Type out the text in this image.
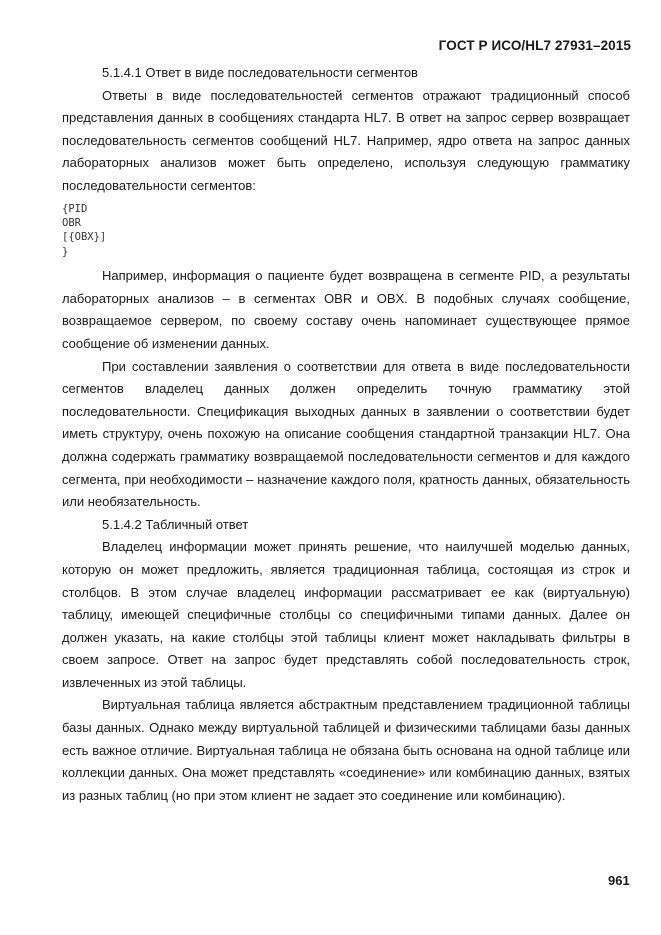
ГОСТ Р ИСО/HL7 27931–2015
5.1.4.1 Ответ в виде последовательности сегментов

Ответы в виде последовательностей сегментов отражают традиционный способ представления данных в сообщениях стандарта HL7. В ответ на запрос сервер возвращает последовательность сегментов сообщений HL7. Например, ядро ответа на запрос данных лабораторных анализов может быть определено, используя следующую грамматику последовательности сегментов:

{PID
OBR
[{OBX}]
}

Например, информация о пациенте будет возвращена в сегменте PID, а результаты лабораторных анализов – в сегментах OBR и OBX. В подобных случаях сообщение, возвращаемое сервером, по своему составу очень напоминает существующее прямое сообщение об изменении данных.

При составлении заявления о соответствии для ответа в виде последовательности сегментов владелец данных должен определить точную грамматику этой последовательности. Спецификация выходных данных в заявлении о соответствии будет иметь структуру, очень похожую на описание сообщения стандартной транзакции HL7. Она должна содержать грамматику возвращаемой последовательности сегментов и для каждого сегмента, при необходимости – назначение каждого поля, кратность данных, обязательность или необязательность.

5.1.4.2 Табличный ответ

Владелец информации может принять решение, что наилучшей моделью данных, которую он может предложить, является традиционная таблица, состоящая из строк и столбцов. В этом случае владелец информации рассматривает ее как (виртуальную) таблицу, имеющей специфичные столбцы со специфичными типами данных. Далее он должен указать, на какие столбцы этой таблицы клиент может накладывать фильтры в своем запросе. Ответ на запрос будет представлять собой последовательность строк, извлеченных из этой таблицы.

Виртуальная таблица является абстрактным представлением традиционной таблицы базы данных. Однако между виртуальной таблицей и физическими таблицами базы данных есть важное отличие. Виртуальная таблица не обязана быть основана на одной таблице или коллекции данных. Она может представлять «соединение» или комбинацию данных, взятых из разных таблиц (но при этом клиент не задает это соединение или комбинацию).

961
